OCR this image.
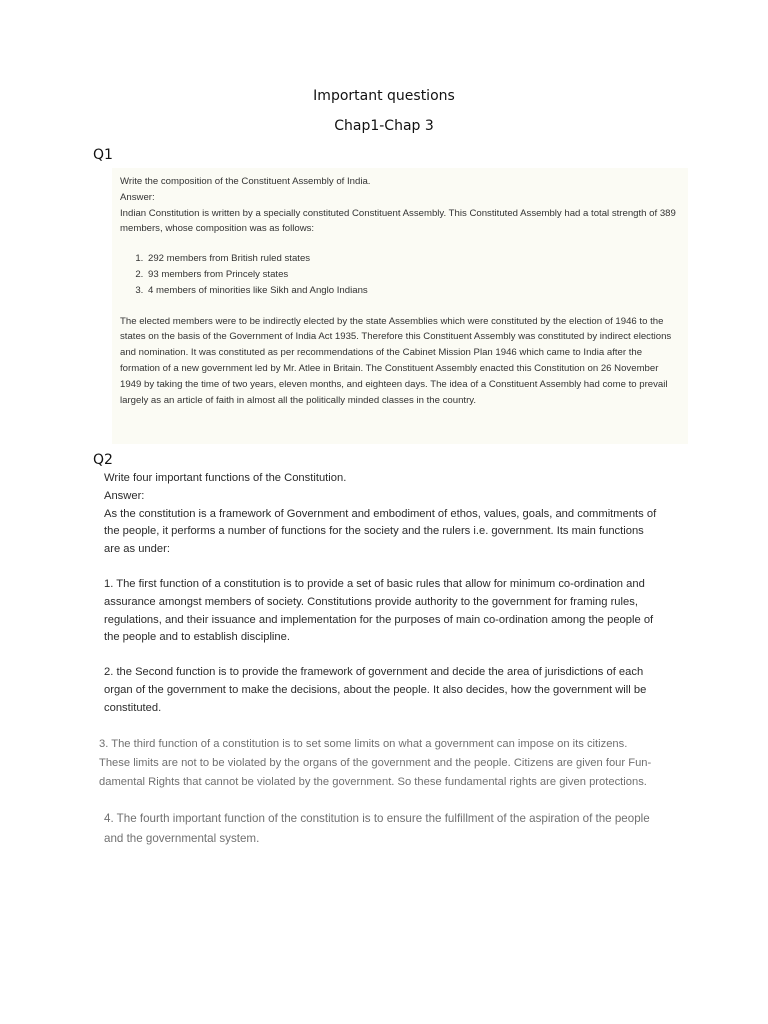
Important questions
Chap1-Chap 3
Q1

Write the composition of the Constituent Assembly of India.

Answer:

Indian Constitution is written by a specially constituted Constituent Assembly. This Constituted Assembly had a total strength of 389 members, whose composition was as follows:

1. 292 members from British ruled states
2. 93 members from Princely states
3. 4 members of minorities like Sikh and Anglo Indians

The elected members were to be indirectly elected by the state Assemblies which were constituted by the election of 1946 to the states on the basis of the Government of India Act 1935. Therefore this Constituent Assembly was constituted by indirect elections and nomination. It was constituted as per recommendations of the Cabinet Mission Plan 1946 which came to India after the formation of a new government led by Mr. Atlee in Britain. The Constituent Assembly enacted this Constitution on 26 November 1949 by taking the time of two years, eleven months, and eighteen days. The idea of a Constituent Assembly had come to prevail largely as an article of faith in almost all the politically minded classes in the country.

Q2

Write four important functions of the Constitution.

Answer:

As the constitution is a framework of Government and embodiment of ethos, values, goals, and commitments of the people, it performs a number of functions for the society and the rulers i.e. government. Its main functions are as under:

1. The first function of a constitution is to provide a set of basic rules that allow for minimum co-ordination and assurance amongst members of society. Constitutions provide authority to the government for framing rules, regulations, and their issuance and implementation for the purposes of main co-ordination among the people of the people and to establish discipline.

2. the Second function is to provide the framework of government and decide the area of jurisdictions of each organ of the government to make the decisions, about the people. It also decides, how the government will be constituted.

3. The third function of a constitution is to set some limits on what a government can impose on its citizens. These limits are not to be violated by the organs of the government and the people. Citizens are given four Fun-damental Rights that cannot be violated by the government. So these fundamental rights are given protections.

4. The fourth important function of the constitution is to ensure the fulfillment of the aspiration of the people and the governmental system.
